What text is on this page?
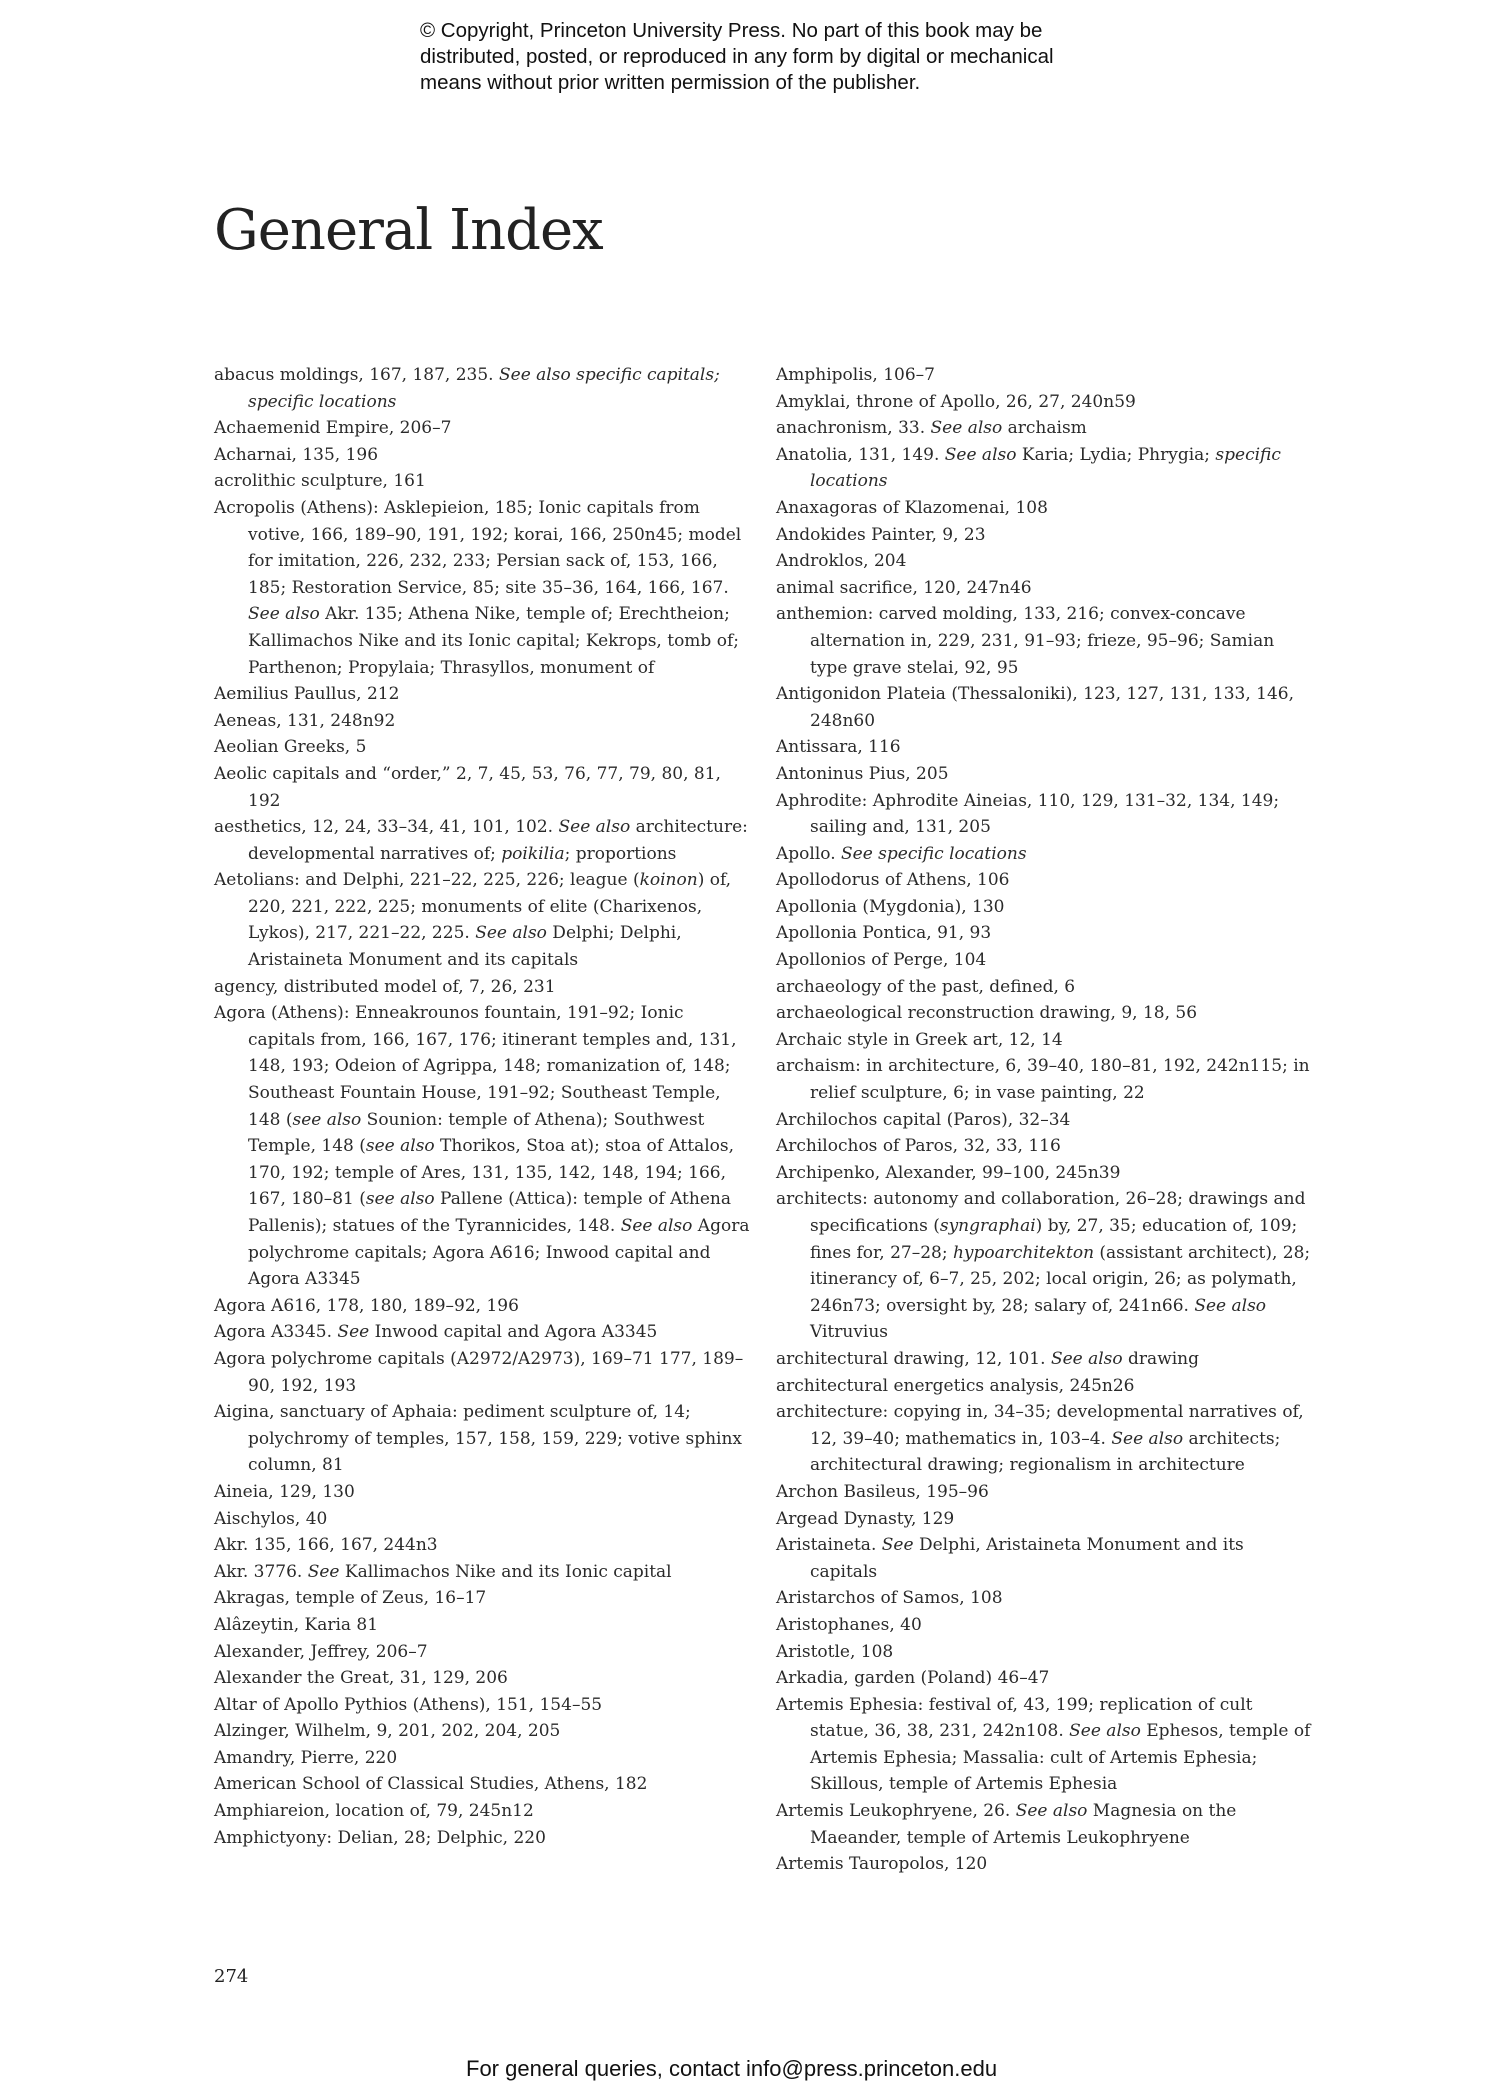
© Copyright, Princeton University Press. No part of this book may be
distributed, posted, or reproduced in any form by digital or mechanical
means without prior written permission of the publisher.
General Index

abacus moldings, 167, 187, 235. See also specific capitals; specific locations

Achaemenid Empire, 206–7

Acharnai, 135, 196

acrolithic sculpture, 161

Acropolis (Athens): Asklepieion, 185; Ionic capitals from votive, 166, 189–90, 191, 192; korai, 166, 250n45; model for imitation, 226, 232, 233; Persian sack of, 153, 166, 185; Restoration Service, 85; site 35–36, 164, 166, 167. See also Akr. 135; Athena Nike, temple of; Erechtheion; Kallimachos Nike and its Ionic capital; Kekrops, tomb of; Parthenon; Propylaia; Thrasyllos, monument of

Aemilius Paullus, 212

Aeneas, 131, 248n92

Aeolian Greeks, 5

Aeolic capitals and “order,” 2, 7, 45, 53, 76, 77, 79, 80, 81, 192

aesthetics, 12, 24, 33–34, 41, 101, 102. See also architecture: developmental narratives of; poikilia; proportions

Aetolians: and Delphi, 221–22, 225, 226; league (koinon) of, 220, 221, 222, 225; monuments of elite (Charixenos, Lykos), 217, 221–22, 225. See also Delphi; Delphi, Aristaineta Monument and its capitals

agency, distributed model of, 7, 26, 231

Agora (Athens): Enneakrounos fountain, 191–92; Ionic capitals from, 166, 167, 176; itinerant temples and, 131, 148, 193; Odeion of Agrippa, 148; romanization of, 148; Southeast Fountain House, 191–92; Southeast Temple, 148 (see also Sounion: temple of Athena); Southwest Temple, 148 (see also Thorikos, Stoa at); stoa of Attalos, 170, 192; temple of Ares, 131, 135, 142, 148, 194; 166, 167, 180–81 (see also Pallene (Attica): temple of Athena Pallenis); statues of the Tyrannicides, 148. See also Agora polychrome capitals; Agora A616; Inwood capital and Agora A3345

Agora A616, 178, 180, 189–92, 196

Agora A3345. See Inwood capital and Agora A3345

Agora polychrome capitals (A2972/A2973), 169–71 177, 189–90, 192, 193

Aigina, sanctuary of Aphaia: pediment sculpture of, 14; polychromy of temples, 157, 158, 159, 229; votive sphinx column, 81

Aineia, 129, 130

Aischylos, 40

Akr. 135, 166, 167, 244n3

Akr. 3776. See Kallimachos Nike and its Ionic capital

Akragas, temple of Zeus, 16–17

Alâzeytin, Karia 81

Alexander, Jeffrey, 206–7

Alexander the Great, 31, 129, 206

Altar of Apollo Pythios (Athens), 151, 154–55

Alzinger, Wilhelm, 9, 201, 202, 204, 205

Amandry, Pierre, 220

American School of Classical Studies, Athens, 182

Amphiareion, location of, 79, 245n12

Amphictyony: Delian, 28; Delphic, 220

Amphipolis, 106–7

Amyklai, throne of Apollo, 26, 27, 240n59

anachronism, 33. See also archaism

Anatolia, 131, 149. See also Karia; Lydia; Phrygia; specific locations

Anaxagoras of Klazomenai, 108

Andokides Painter, 9, 23

Androklos, 204

animal sacrifice, 120, 247n46

anthemion: carved molding, 133, 216; convex-concave alternation in, 229, 231, 91–93; frieze, 95–96; Samian type grave stelai, 92, 95

Antigonidon Plateia (Thessaloniki), 123, 127, 131, 133, 146, 248n60

Antissara, 116

Antoninus Pius, 205

Aphrodite: Aphrodite Aineias, 110, 129, 131–32, 134, 149; sailing and, 131, 205

Apollo. See specific locations

Apollodorus of Athens, 106

Apollonia (Mygdonia), 130

Apollonia Pontica, 91, 93

Apollonios of Perge, 104

archaeology of the past, defined, 6

archaeological reconstruction drawing, 9, 18, 56

Archaic style in Greek art, 12, 14

archaism: in architecture, 6, 39–40, 180–81, 192, 242n115; in relief sculpture, 6; in vase painting, 22

Archilochos capital (Paros), 32–34

Archilochos of Paros, 32, 33, 116

Archipenko, Alexander, 99–100, 245n39

architects: autonomy and collaboration, 26–28; drawings and specifications (syngraphai) by, 27, 35; education of, 109; fines for, 27–28; hypoarchitekton (assistant architect), 28; itinerancy of, 6–7, 25, 202; local origin, 26; as polymath, 246n73; oversight by, 28; salary of, 241n66. See also Vitruvius

architectural drawing, 12, 101. See also drawing

architectural energetics analysis, 245n26

architecture: copying in, 34–35; developmental narratives of, 12, 39–40; mathematics in, 103–4. See also architects; architectural drawing; regionalism in architecture

Archon Basileus, 195–96

Argead Dynasty, 129

Aristaineta. See Delphi, Aristaineta Monument and its capitals

Aristarchos of Samos, 108

Aristophanes, 40

Aristotle, 108

Arkadia, garden (Poland) 46–47

Artemis Ephesia: festival of, 43, 199; replication of cult statue, 36, 38, 231, 242n108. See also Ephesos, temple of Artemis Ephesia; Massalia: cult of Artemis Ephesia; Skillous, temple of Artemis Ephesia

Artemis Leukophryene, 26. See also Magnesia on the Maeander, temple of Artemis Leukophryene

Artemis Tauropolos, 120

274
For general queries, contact info@press.princeton.edu
